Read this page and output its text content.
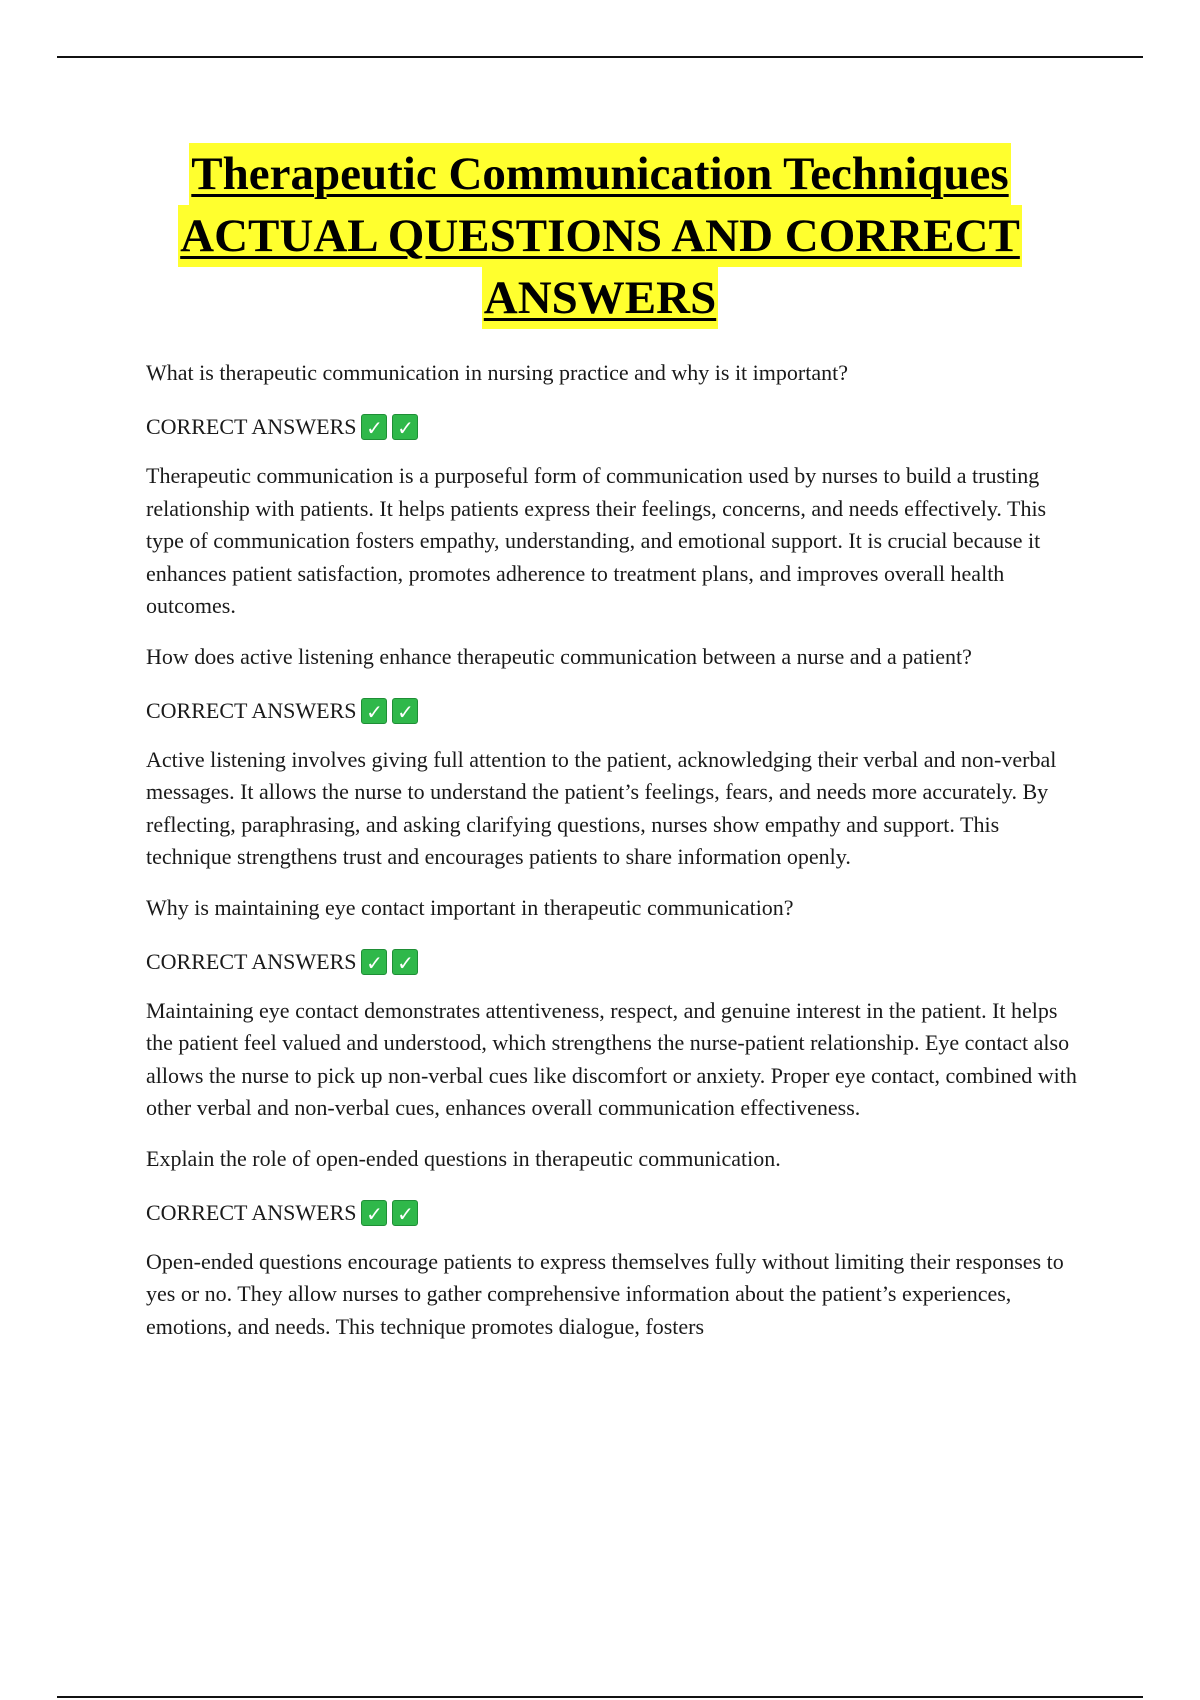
Therapeutic Communication Techniques
ACTUAL QUESTIONS AND CORRECT
ANSWERS

What is therapeutic communication in nursing practice and why is it important?

CORRECT ANSWERS ✓ ✓

Therapeutic communication is a purposeful form of communication used by nurses to build a trusting relationship with patients. It helps patients express their feelings, concerns, and needs effectively. This type of communication fosters empathy, understanding, and emotional support. It is crucial because it enhances patient satisfaction, promotes adherence to treatment plans, and improves overall health outcomes.

How does active listening enhance therapeutic communication between a nurse and a patient?

CORRECT ANSWERS ✓ ✓

Active listening involves giving full attention to the patient, acknowledging their verbal and non-verbal messages. It allows the nurse to understand the patient’s feelings, fears, and needs more accurately. By reflecting, paraphrasing, and asking clarifying questions, nurses show empathy and support. This technique strengthens trust and encourages patients to share information openly.

Why is maintaining eye contact important in therapeutic communication?

CORRECT ANSWERS ✓ ✓

Maintaining eye contact demonstrates attentiveness, respect, and genuine interest in the patient. It helps the patient feel valued and understood, which strengthens the nurse-patient relationship. Eye contact also allows the nurse to pick up non-verbal cues like discomfort or anxiety. Proper eye contact, combined with other verbal and non-verbal cues, enhances overall communication effectiveness.

Explain the role of open-ended questions in therapeutic communication.

CORRECT ANSWERS ✓ ✓

Open-ended questions encourage patients to express themselves fully without limiting their responses to yes or no. They allow nurses to gather comprehensive information about the patient’s experiences, emotions, and needs. This technique promotes dialogue, fosters
